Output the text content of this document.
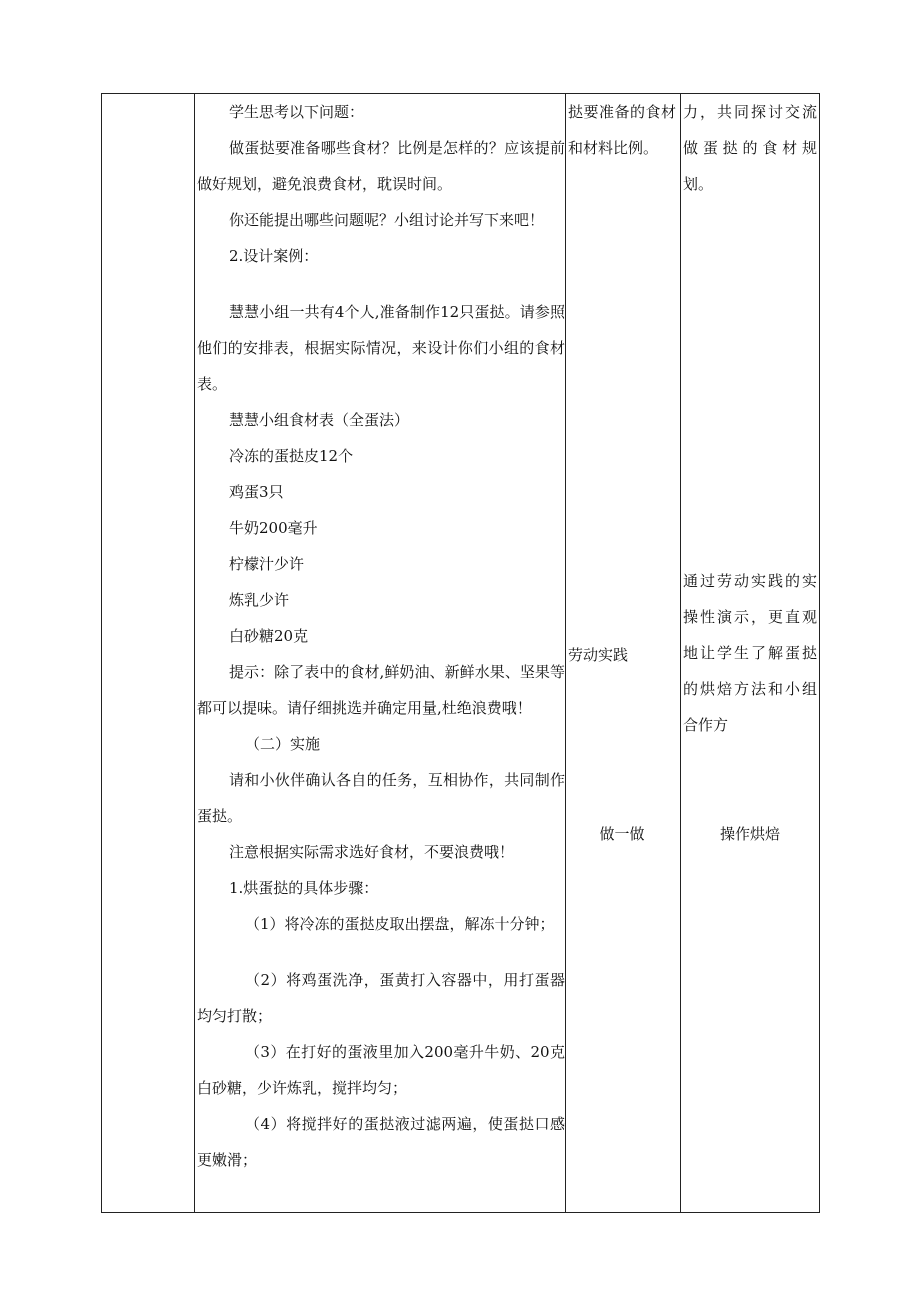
学生思考以下问题：

做蛋挞要准备哪些食材？比例是怎样的？应该提前做好规划，避免浪费食材，耽误时间。

你还能提出哪些问题呢？小组讨论并写下来吧！

2.设计案例：

慧慧小组一共有4个人,准备制作12只蛋挞。请参照他们的安排表，根据实际情况，来设计你们小组的食材表。

慧慧小组食材表（全蛋法）

冷冻的蛋挞皮12个

鸡蛋3只

牛奶200毫升

柠檬汁少许

炼乳少许

白砂糖20克

提示：除了表中的食材,鲜奶油、新鲜水果、坚果等都可以提味。请仔细挑选并确定用量,杜绝浪费哦！

（二）实施

请和小伙伴确认各自的任务，互相协作，共同制作蛋挞。

注意根据实际需求选好食材，不要浪费哦！

1.烘蛋挞的具体步骤：

（1）将冷冻的蛋挞皮取出摆盘，解冻十分钟；

（2）将鸡蛋洗净，蛋黄打入容器中，用打蛋器均匀打散；

（3）在打好的蛋液里加入200毫升牛奶、20克白砂糖，少许炼乳，搅拌均匀；

（4）将搅拌好的蛋挞液过滤两遍，使蛋挞口感更嫩滑；

挞要准备的食材和材料比例。

劳动实践

做一做

力，共同探讨交流做蛋挞的食材规划。

通过劳动实践的实操性演示，更直观地让学生了解蛋挞的烘焙方法和小组合作方

操作烘焙
